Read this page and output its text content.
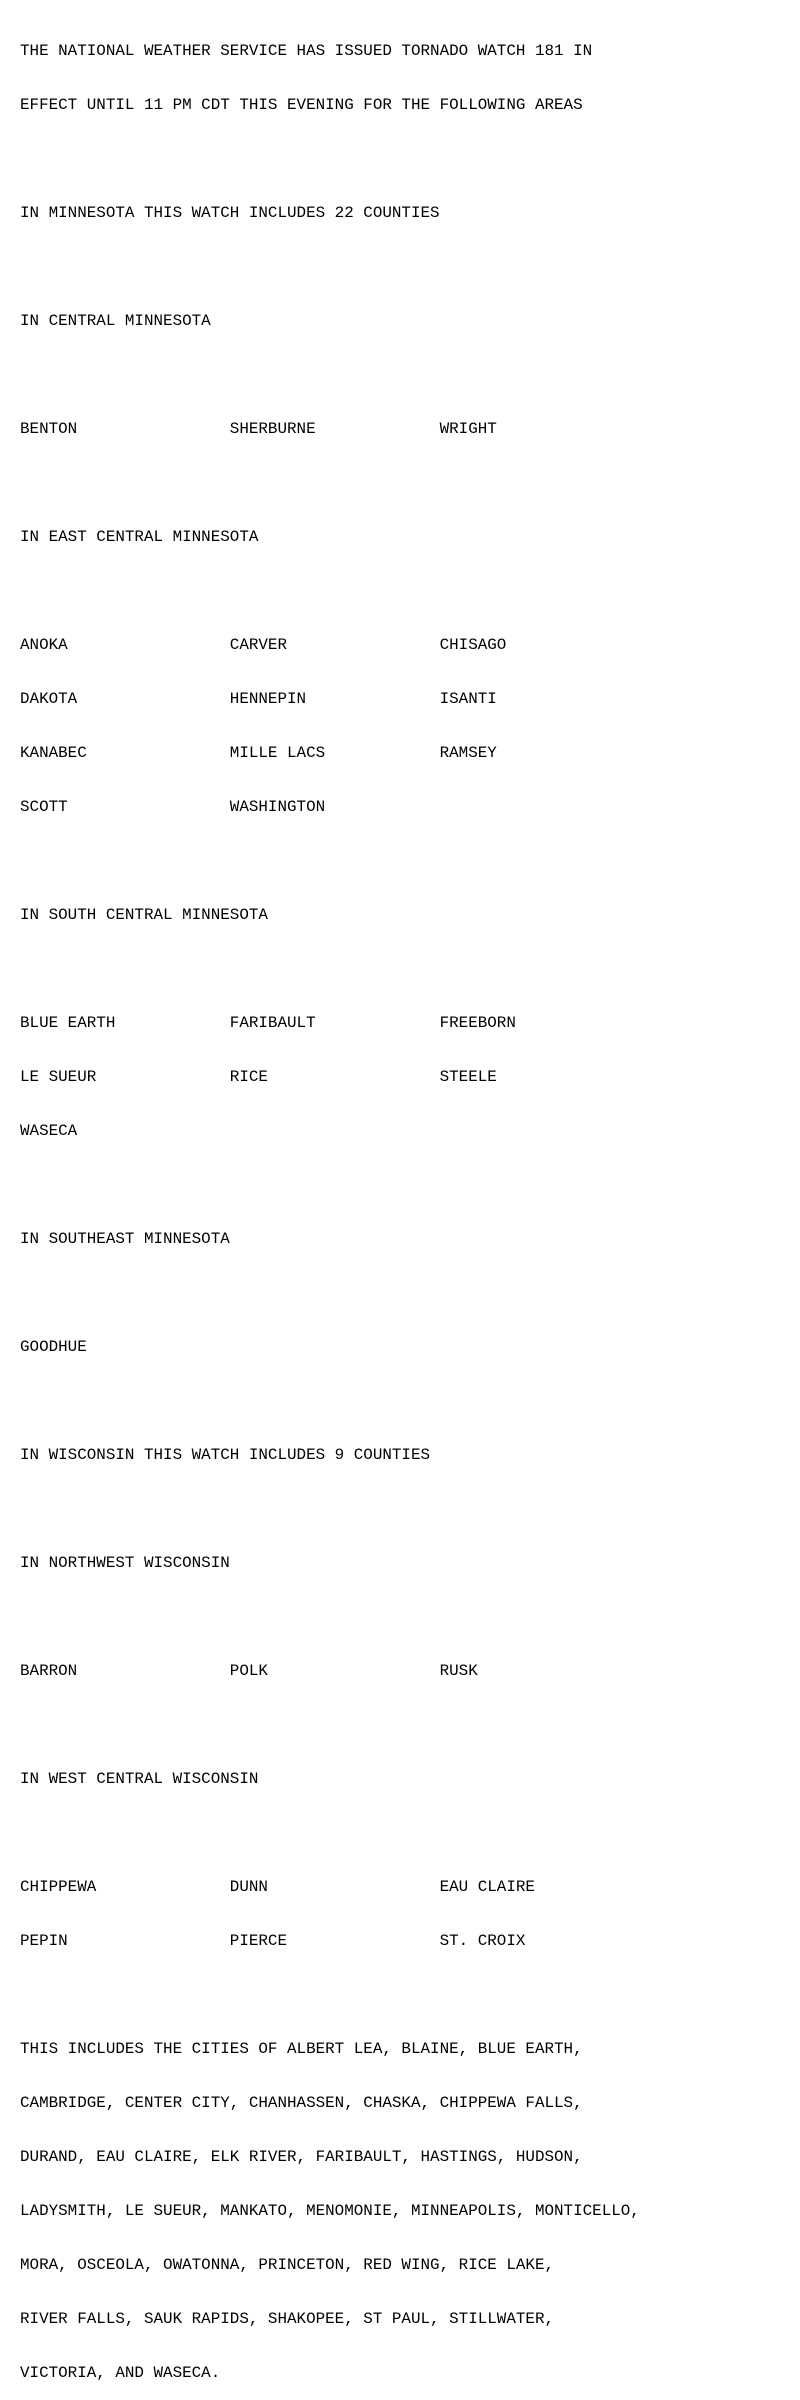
THE NATIONAL WEATHER SERVICE HAS ISSUED TORNADO WATCH 181 IN

EFFECT UNTIL 11 PM CDT THIS EVENING FOR THE FOLLOWING AREAS

IN MINNESOTA THIS WATCH INCLUDES 22 COUNTIES

IN CENTRAL MINNESOTA

BENTON                SHERBURNE             WRIGHT

IN EAST CENTRAL MINNESOTA

ANOKA                 CARVER                CHISAGO

DAKOTA                HENNEPIN              ISANTI

KANABEC               MILLE LACS            RAMSEY

SCOTT                 WASHINGTON

IN SOUTH CENTRAL MINNESOTA

BLUE EARTH            FARIBAULT             FREEBORN

LE SUEUR              RICE                  STEELE

WASECA

IN SOUTHEAST MINNESOTA

GOODHUE

IN WISCONSIN THIS WATCH INCLUDES 9 COUNTIES

IN NORTHWEST WISCONSIN

BARRON                POLK                  RUSK

IN WEST CENTRAL WISCONSIN

CHIPPEWA              DUNN                  EAU CLAIRE

PEPIN                 PIERCE                ST. CROIX

THIS INCLUDES THE CITIES OF ALBERT LEA, BLAINE, BLUE EARTH,

CAMBRIDGE, CENTER CITY, CHANHASSEN, CHASKA, CHIPPEWA FALLS,

DURAND, EAU CLAIRE, ELK RIVER, FARIBAULT, HASTINGS, HUDSON,

LADYSMITH, LE SUEUR, MANKATO, MENOMONIE, MINNEAPOLIS, MONTICELLO,

MORA, OSCEOLA, OWATONNA, PRINCETON, RED WING, RICE LAKE,

RIVER FALLS, SAUK RAPIDS, SHAKOPEE, ST PAUL, STILLWATER,

VICTORIA, AND WASECA.
